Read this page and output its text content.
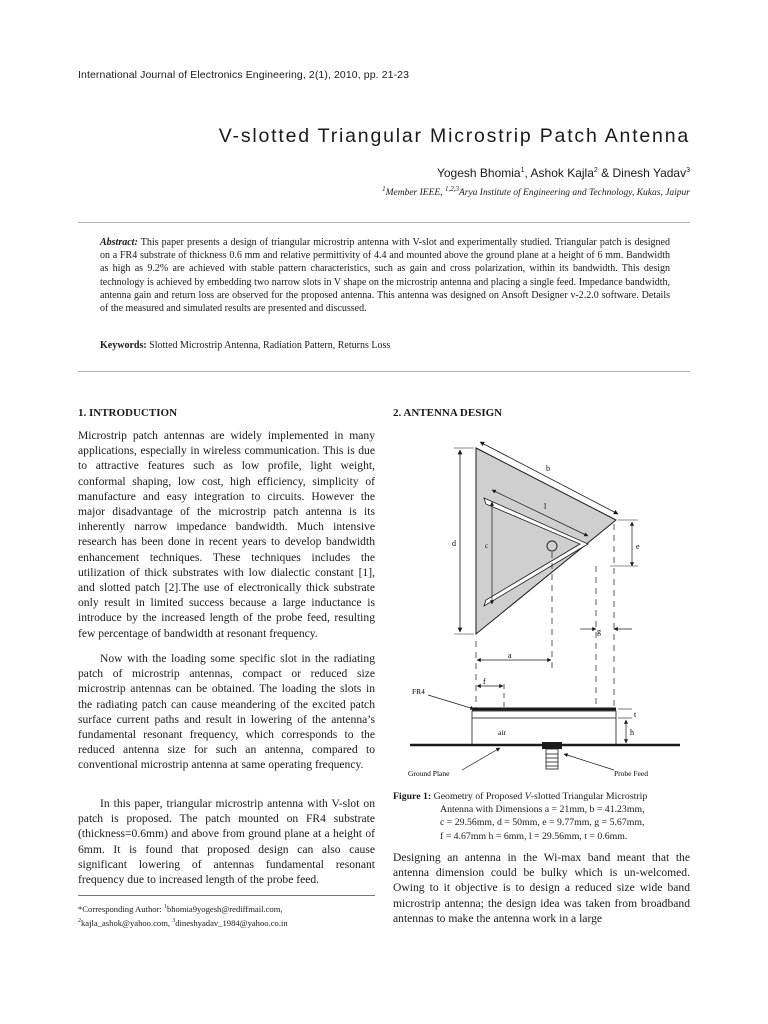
International Journal of Electronics Engineering, 2(1), 2010, pp. 21-23
V-slotted Triangular Microstrip Patch Antenna
Yogesh Bhomia$^1$, Ashok Kajla$^2$ & Dinesh Yadav$^3$
$^1$Member IEEE, $^{1,2,3}$Arya Institute of Engineering and Technology, Kukas, Jaipur
Abstract: This paper presents a design of triangular microstrip antenna with V-slot and experimentally studied. Triangular patch is designed on a FR4 substrate of thickness 0.6 mm and relative permittivity of 4.4 and mounted above the ground plane at a height of 6 mm. Bandwidth as high as 9.2% are achieved with stable pattern characteristics, such as gain and cross polarization, within its bandwidth. This design technology is achieved by embedding two narrow slots in V shape on the microstrip antenna and placing a single feed. Impedance bandwidth, antenna gain and return loss are observed for the proposed antenna. This antenna was designed on Ansoft Designer v-2.2.0 software. Details of the measured and simulated results are presented and discussed.
Keywords: Slotted Microstrip Antenna, Radiation Pattern, Returns Loss
1. INTRODUCTION	2. ANTENNA DESIGN

Microstrip patch antennas are widely implemented in many applications, especially in wireless communication. This is due to attractive features such as low profile, light weight, conformal shaping, low cost, high efficiency, simplicity of manufacture and easy integration to circuits. However the major disadvantage of the microstrip patch antenna is its inherently narrow impedance bandwidth. Much intensive research has been done in recent years to develop bandwidth enhancement techniques. These techniques includes the utilization of thick substrates with low dialectic constant [1], and slotted patch [2].The use of electronically thick substrate only result in limited success because a large inductance is introduce by the increased length of the probe feed, resulting few percentage of bandwidth at resonant frequency.

Now with the loading some specific slot in the radiating patch of microstrip antennas, compact or reduced size microstrip antennas can be obtained. The loading the slots in the radiating patch can cause meandering of the excited patch surface current paths and result in lowering of the antenna’s fundamental resonant frequency, which corresponds to the reduced antenna size for such an antenna, compared to conventional microstrip antenna at same operating frequency.

In this paper, triangular microstrip antenna with V-slot on patch is proposed. The patch mounted on FR4 substrate (thickness=0.6mm) and above from ground plane at a height of 6mm. It is found that proposed design can also cause significant lowering of antennas fundamental resonant frequency due to increased length of the probe feed.

*Corresponding Author: $^1$bhomia9yogesh@rediffmail.com,
$^2$kajla_ashok@yahoo.com, $^3$dineshyadav_1984@yahoo.co.in
d
b
l
c	e
g
a
f
FR4
air
t
h
Ground Plane	Probe Feed
Figure 1: Geometry of Proposed V-slotted Triangular Microstrip
Antenna with Dimensions a = 21mm, b = 41.23mm,
c = 29.56mm, d = 50mm, e = 9.77mm, g = 5.67mm,
f = 4.67mm h = 6mm, l = 29.56mm, t = 0.6mm.

Designing an antenna in the Wi-max band meant that the antenna dimension could be bulky which is un-welcomed. Owing to it objective is to design a reduced size wide band microstrip antenna; the design idea was taken from broadband antennas to make the antenna work in a large
